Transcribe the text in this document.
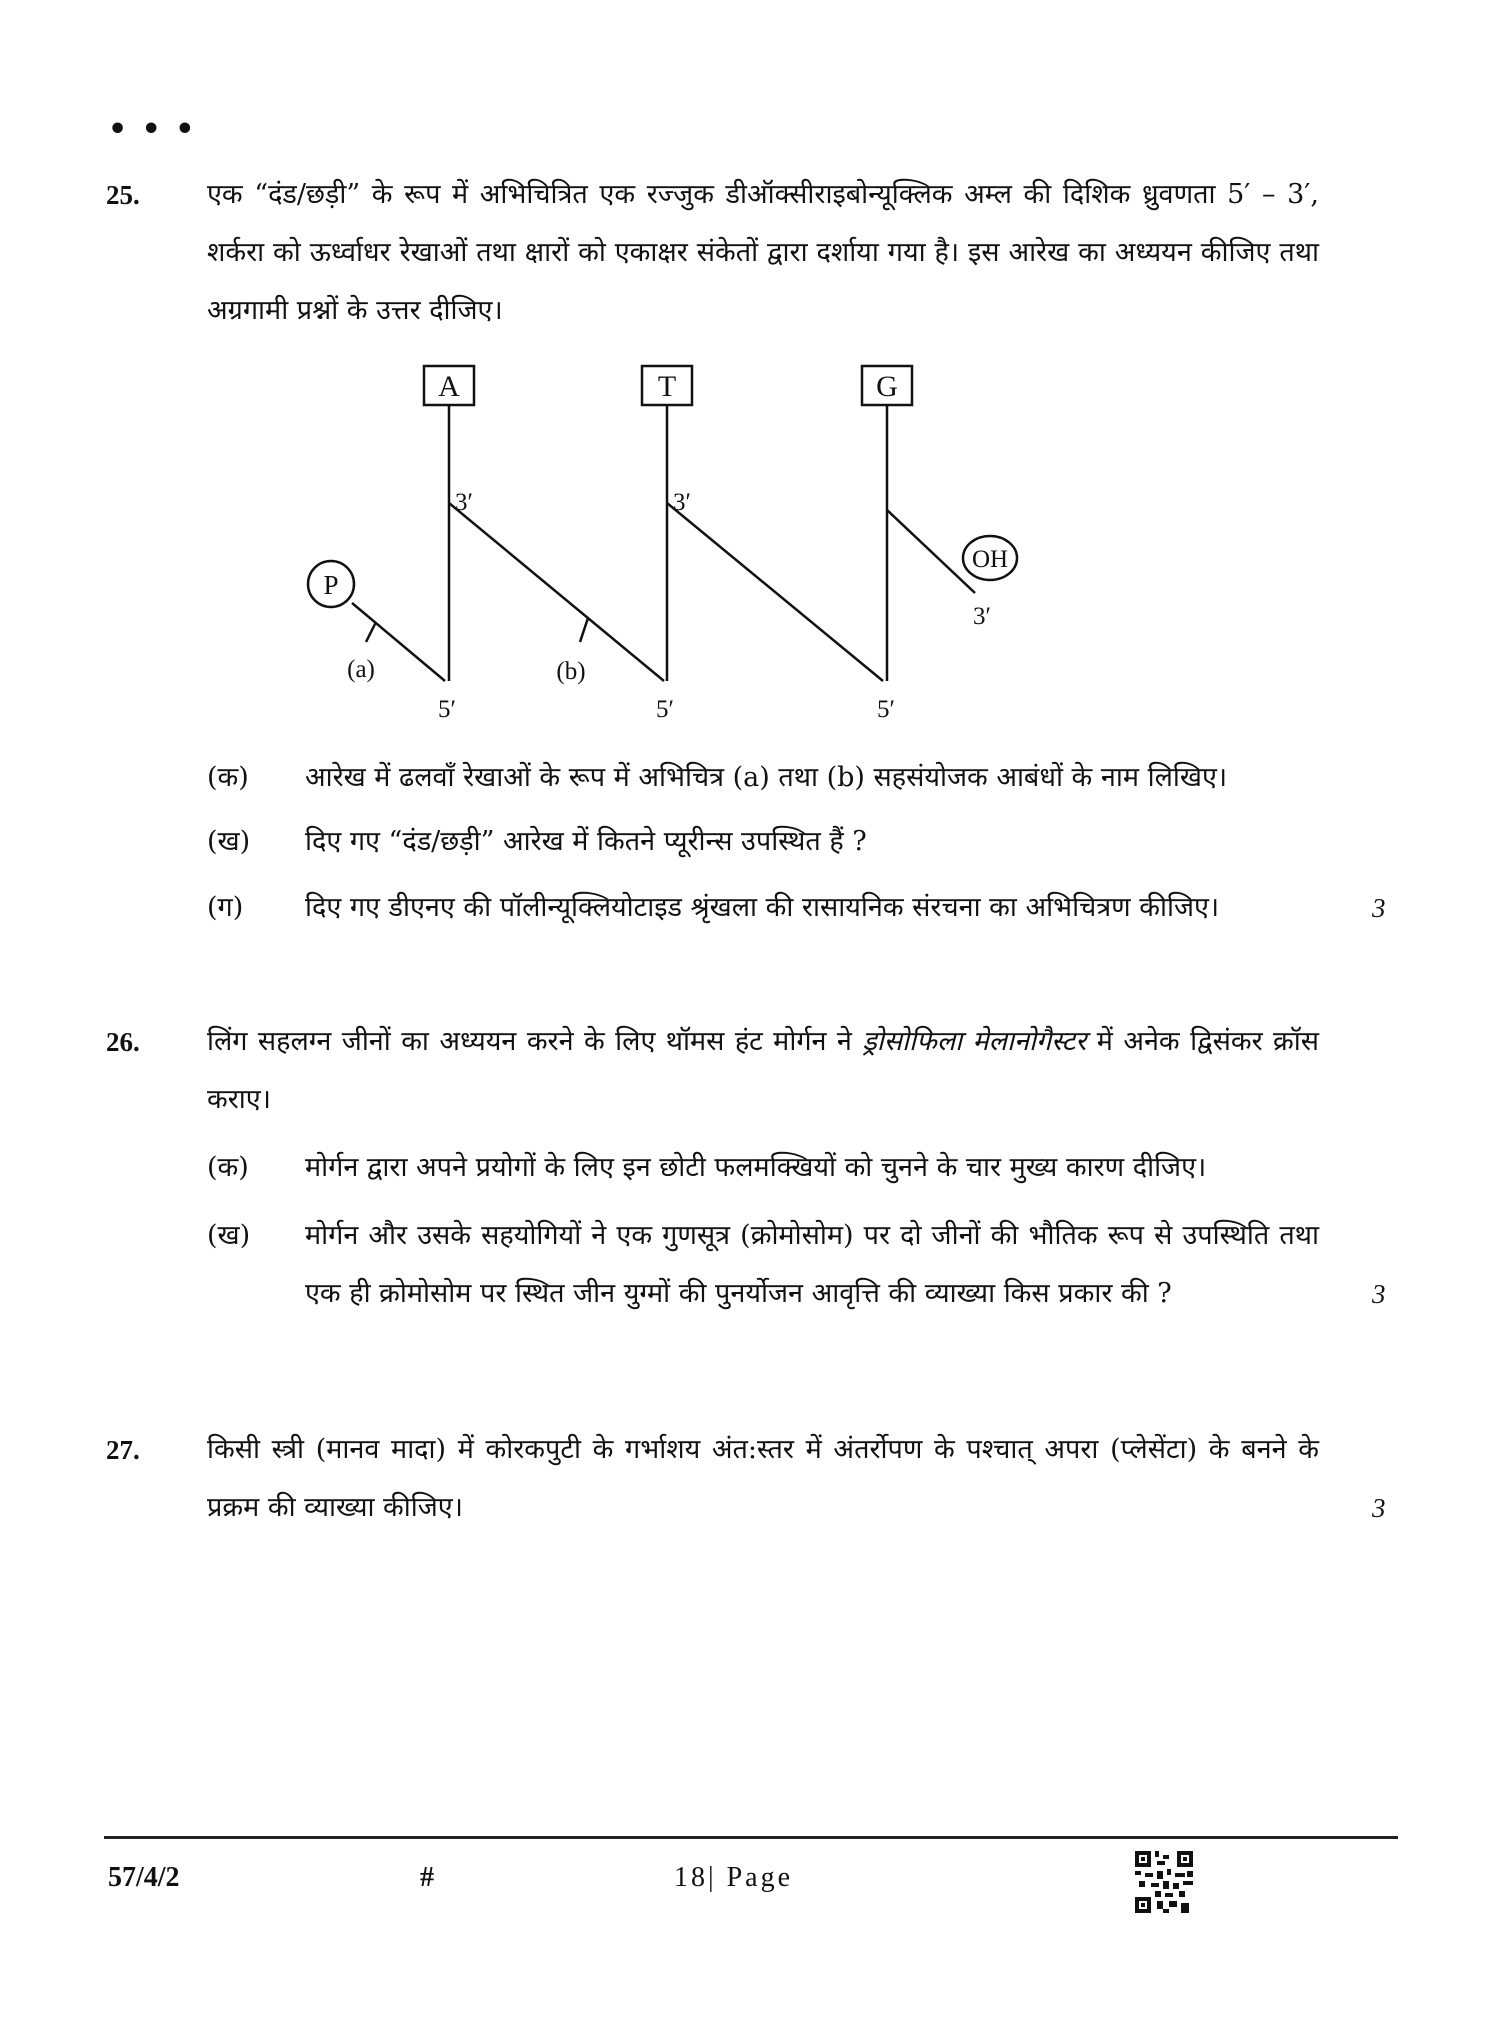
• • •
25. एक “दंड/छड़ी” के रूप में अभिचित्रित एक रज्जुक डीऑक्सीराइबोन्यूक्लिक अम्ल की दिशिक ध्रुवणता 5′ – 3′, शर्करा को ऊर्ध्वाधर रेखाओं तथा क्षारों को एकाक्षर संकेतों द्वारा दर्शाया गया है। इस आरेख का अध्ययन कीजिए तथा अग्रगामी प्रश्नों के उत्तर दीजिए।
A	T	G
P
OH
(a)	(b)
3′	3′
3′
5′	5′	5′
(क) आरेख में ढलवाँ रेखाओं के रूप में अभिचित्र (a) तथा (b) सहसंयोजक आबंधों के नाम लिखिए।
(ख) दिए गए “दंड/छड़ी” आरेख में कितने प्यूरीन्स उपस्थित हैं ?
(ग) दिए गए डीएनए की पॉलीन्यूक्लियोटाइड श्रृंखला की रासायनिक संरचना का अभिचित्रण कीजिए।	3
26. लिंग सहलग्न जीनों का अध्ययन करने के लिए थॉमस हंट मोर्गन ने ड्रोसोफिला मेलानोगैस्टर में अनेक द्विसंकर क्रॉस कराए।
(क) मोर्गन द्वारा अपने प्रयोगों के लिए इन छोटी फलमक्खियों को चुनने के चार मुख्य कारण दीजिए।
(ख) मोर्गन और उसके सहयोगियों ने एक गुणसूत्र (क्रोमोसोम) पर दो जीनों की भौतिक रूप से उपस्थिति तथा एक ही क्रोमोसोम पर स्थित जीन युग्मों की पुनर्योजन आवृत्ति की व्याख्या किस प्रकार की ?	3
27. किसी स्त्री (मानव मादा) में कोरकपुटी के गर्भाशय अंत:स्तर में अंतर्रोपण के पश्चात् अपरा (प्लेसेंटा) के बनने के प्रक्रम की व्याख्या कीजिए।	3
57/4/2	#	18| Page
